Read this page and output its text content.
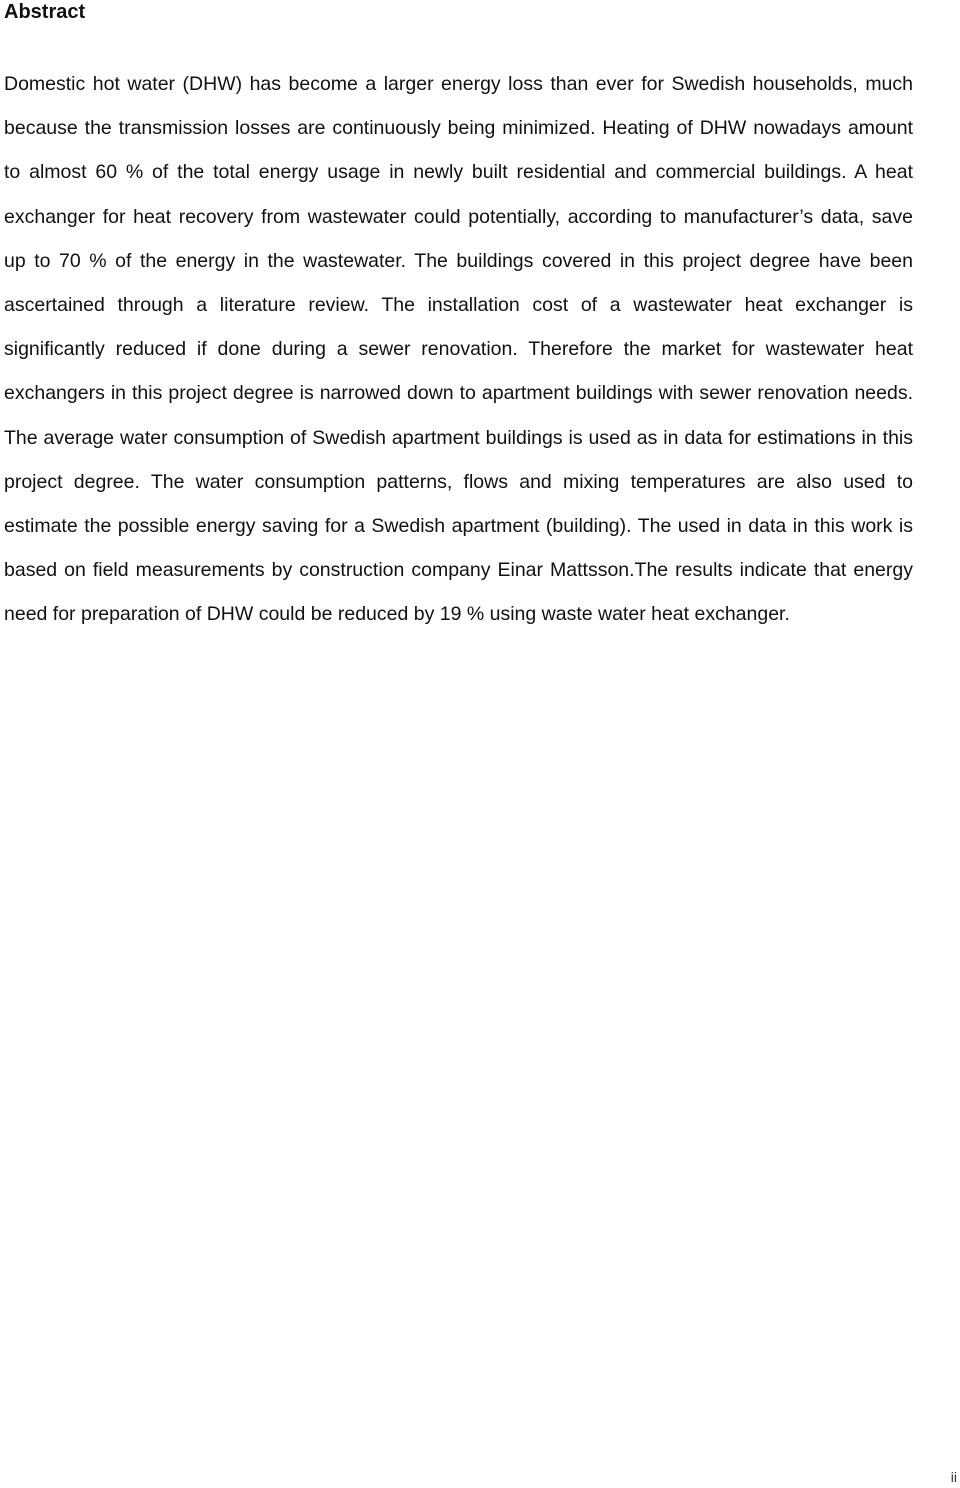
Abstract

Domestic hot water (DHW) has become a larger energy loss than ever for Swedish households, much because the transmission losses are continuously being minimized. Heating of DHW nowadays amount to almost 60 % of the total energy usage in newly built residential and commercial buildings. A heat exchanger for heat recovery from wastewater could potentially, according to manufacturer’s data, save up to 70 % of the energy in the wastewater. The buildings covered in this project degree have been ascertained through a literature review. The installation cost of a wastewater heat exchanger is significantly reduced if done during a sewer renovation. Therefore the market for wastewater heat exchangers in this project degree is narrowed down to apartment buildings with sewer renovation needs. The average water consumption of Swedish apartment buildings is used as in data for estimations in this project degree. The water consumption patterns, flows and mixing temperatures are also used to estimate the possible energy saving for a Swedish apartment (building). The used in data in this work is based on field measurements by construction company Einar Mattsson.The results indicate that energy need for preparation of DHW could be reduced by 19 % using waste water heat exchanger.

ii
